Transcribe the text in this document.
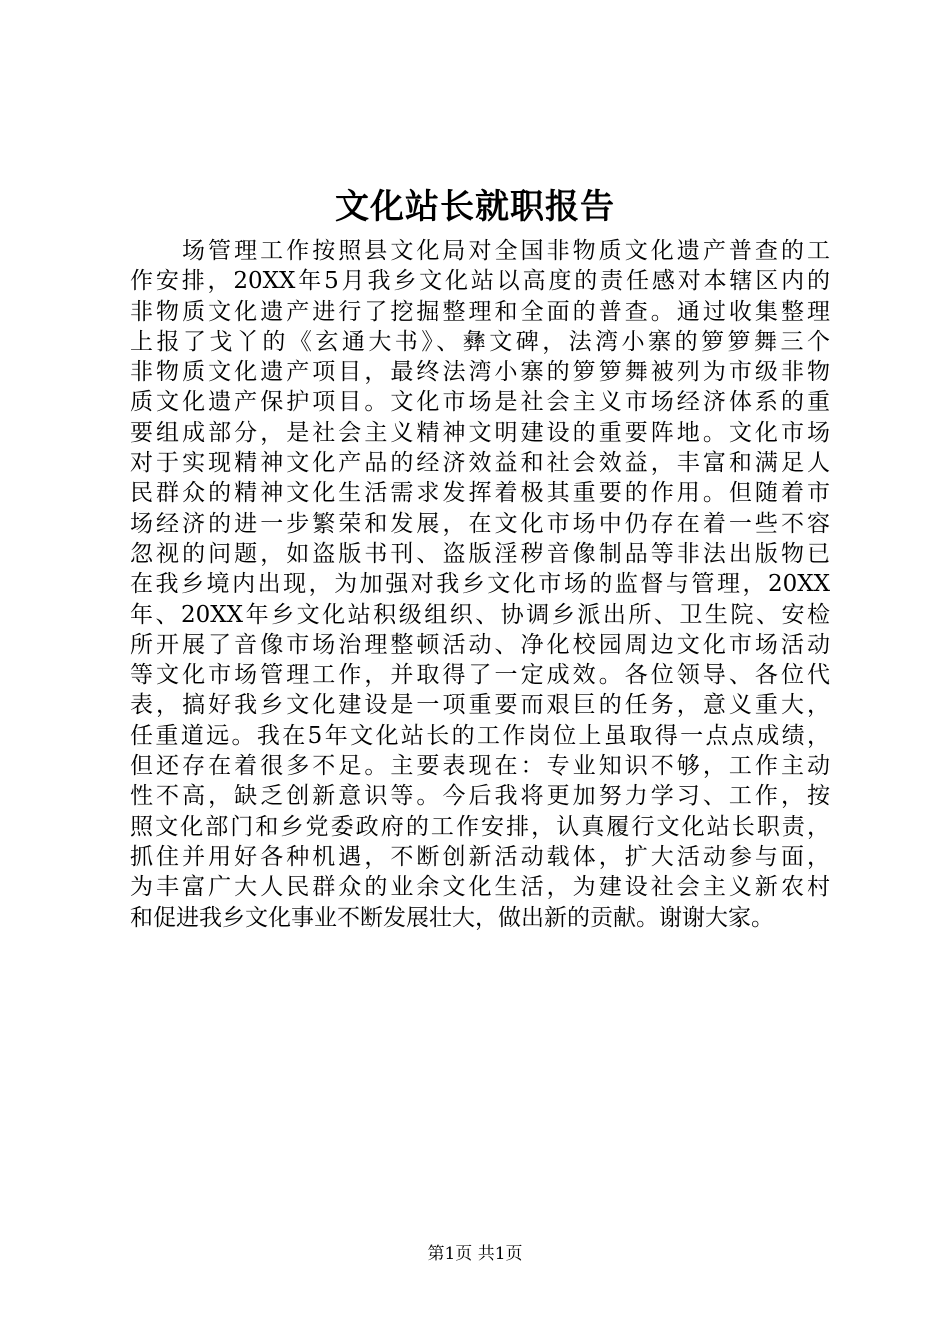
文化站长就职报告
场管理工作按照县文化局对全国非物质文化遗产普查的工
作安排，20XX年5月我乡文化站以高度的责任感对本辖区内的
非物质文化遗产进行了挖掘整理和全面的普查。通过收集整理
上报了戈丫的《玄通大书》、彝文碑，法湾小寨的箩箩舞三个
非物质文化遗产项目，最终法湾小寨的箩箩舞被列为市级非物
质文化遗产保护项目。文化市场是社会主义市场经济体系的重
要组成部分，是社会主义精神文明建设的重要阵地。文化市场
对于实现精神文化产品的经济效益和社会效益，丰富和满足人
民群众的精神文化生活需求发挥着极其重要的作用。但随着市
场经济的进一步繁荣和发展，在文化市场中仍存在着一些不容
忽视的问题，如盗版书刊、盗版淫秽音像制品等非法出版物已
在我乡境内出现，为加强对我乡文化市场的监督与管理，20XX
年、20XX年乡文化站积级组织、协调乡派出所、卫生院、安检
所开展了音像市场治理整顿活动、净化校园周边文化市场活动
等文化市场管理工作，并取得了一定成效。各位领导、各位代
表，搞好我乡文化建设是一项重要而艰巨的任务，意义重大，
任重道远。我在5年文化站长的工作岗位上虽取得一点点成绩，
但还存在着很多不足。主要表现在：专业知识不够，工作主动
性不高，缺乏创新意识等。今后我将更加努力学习、工作，按
照文化部门和乡党委政府的工作安排，认真履行文化站长职责，
抓住并用好各种机遇，不断创新活动载体，扩大活动参与面，
为丰富广大人民群众的业余文化生活，为建设社会主义新农村
和促进我乡文化事业不断发展壮大，做出新的贡献。谢谢大家。
第1页 共1页
